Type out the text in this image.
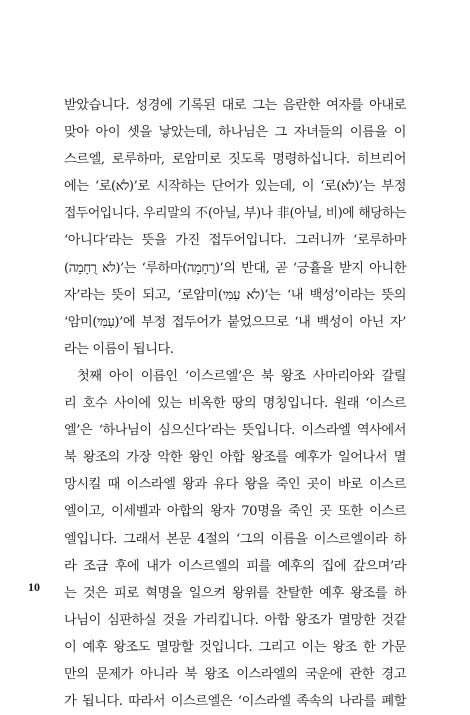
받았습니다. 성경에 기록된 대로 그는 음란한 여자를 아내로
맞아 아이 셋을 낳았는데, 하나님은 그 자녀들의 이름을 이
스르엘, 로루하마, 로암미로 짓도록 명령하십니다. 히브리어
에는 ‘로(לֹא)’로 시작하는 단어가 있는데, 이 ‘로(לֹא)’는 부정
접두어입니다. 우리말의 不(아닐, 부)나 非(아닐, 비)에 해당하는
‘아니다’라는 뜻을 가진 접두어입니다. 그러니까 ‘로루하마
(לֹא רֻחָמָה)’는 ‘루하마(רֻחָמָה)’의 반대, 곧 ‘긍휼을 받지 아니한
자’라는 뜻이 되고, ‘로암미(לֹא עַמִּי)’는 ‘내 백성’이라는 뜻의
‘암미(עַמִּי)’에 부정 접두어가 붙었으므로 ‘내 백성이 아닌 자’
라는 이름이 됩니다.
첫째 아이 이름인 ‘이스르엘’은 북 왕조 사마리아와 갈릴
리 호수 사이에 있는 비옥한 땅의 명칭입니다. 원래 ‘이스르
엘’은 ‘하나님이 심으신다’라는 뜻입니다. 이스라엘 역사에서
북 왕조의 가장 악한 왕인 아합 왕조를 예후가 일어나서 멸
망시킬 때 이스라엘 왕과 유다 왕을 죽인 곳이 바로 이스르
엘이고, 이세벨과 아합의 왕자 70명을 죽인 곳 또한 이스르
엘입니다. 그래서 본문 4절의 ‘그의 이름을 이스르엘이라 하
라 조금 후에 내가 이스르엘의 피를 예후의 집에 갚으며’라
는 것은 피로 혁명을 일으켜 왕위를 찬탈한 예후 왕조를 하
나님이 심판하실 것을 가리킵니다. 아합 왕조가 멸망한 것같
이 예후 왕조도 멸망할 것입니다. 그리고 이는 왕조 한 가문
만의 문제가 아니라 북 왕조 이스라엘의 국운에 관한 경고
가 됩니다. 따라서 이스르엘은 ‘이스라엘 족속의 나라를 폐할
10
